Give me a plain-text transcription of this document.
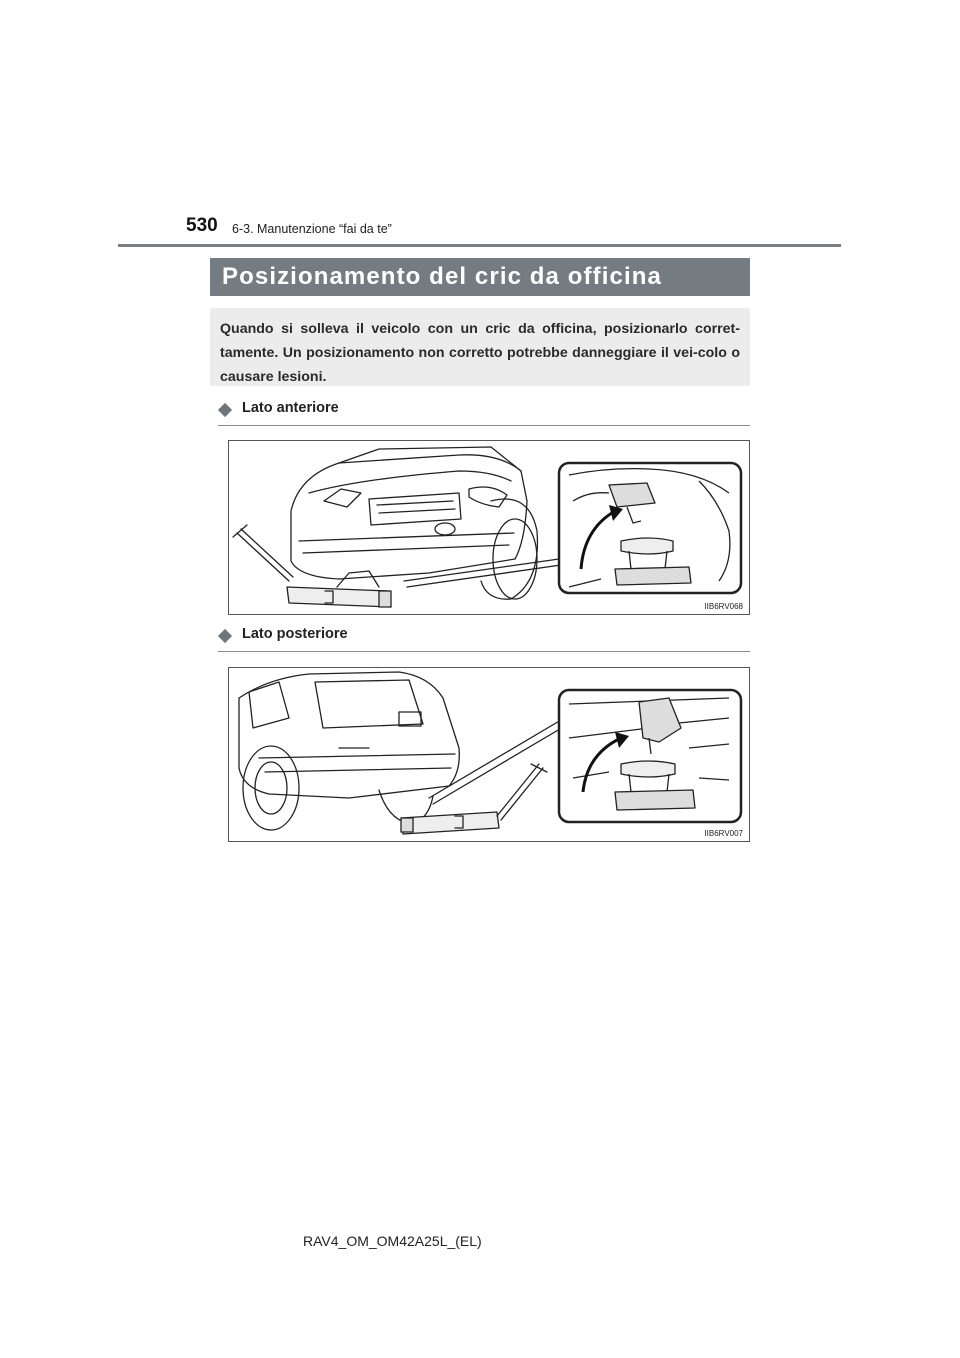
530 6-3. Manutenzione “fai da te”
Posizionamento del cric da officina

Quando si solleva il veicolo con un cric da officina, posizionarlo corret-tamente. Un posizionamento non corretto potrebbe danneggiare il vei-colo o causare lesioni.

Lato anteriore
IIB6RV068
Lato posteriore
IIB6RV007
RAV4_OM_OM42A25L_(EL)
